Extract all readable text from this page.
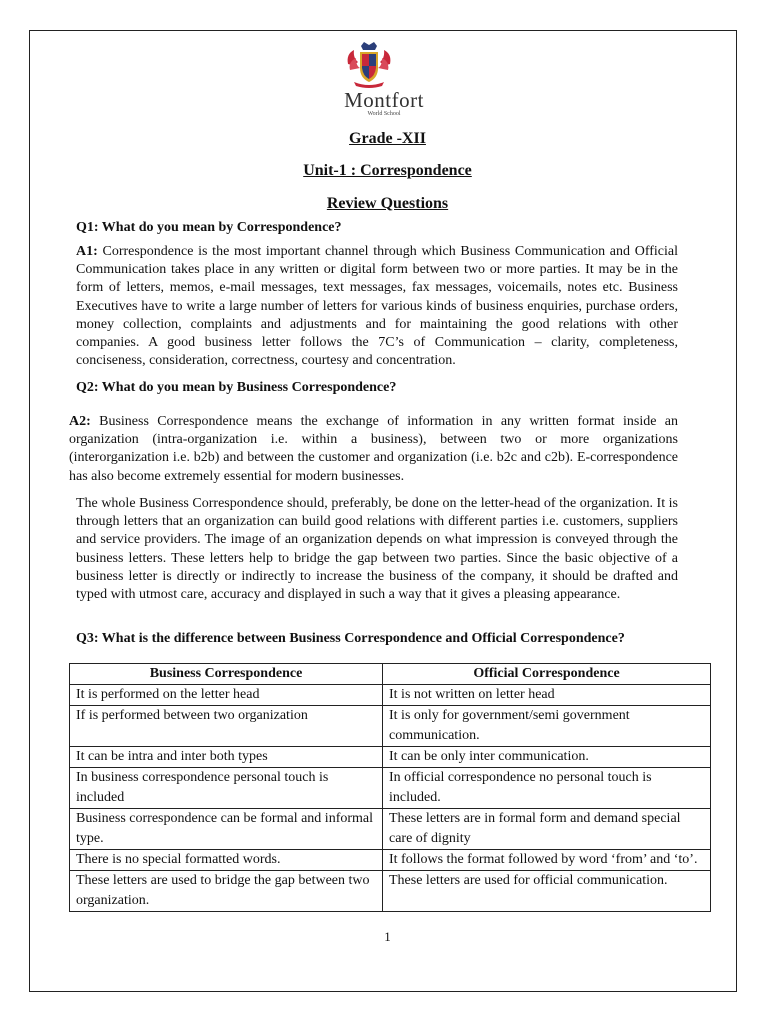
Montfort
World School
Grade -XII
Unit-1 : Correspondence
Review Questions
Q1: What do you mean by Correspondence?
A1: Correspondence is the most important channel through which Business Communication and Official Communication takes place in any written or digital form between two or more parties. It may be in the form of letters, memos, e-mail messages, text messages, fax messages, voicemails, notes etc. Business Executives have to write a large number of letters for various kinds of business enquiries, purchase orders, money collection, complaints and adjustments and for maintaining the good relations with other companies. A good business letter follows the 7C’s of Communication – clarity, completeness, conciseness, consideration, correctness, courtesy and concentration.
Q2: What do you mean by Business Correspondence?
A2: Business Correspondence means the exchange of information in any written format inside an organization (intra-organization i.e. within a business), between two or more organizations (interorganization i.e. b2b) and between the customer and organization (i.e. b2c and c2b). E-correspondence has also become extremely essential for modern businesses.
The whole Business Correspondence should, preferably, be done on the letter-head of the organization. It is through letters that an organization can build good relations with different parties i.e. customers, suppliers and service providers. The image of an organization depends on what impression is conveyed through the business letters. These letters help to bridge the gap between two parties. Since the basic objective of a business letter is directly or indirectly to increase the business of the company, it should be drafted and typed with utmost care, accuracy and displayed in such a way that it gives a pleasing appearance.
Q3: What is the difference between Business Correspondence and Official Correspondence?
Business Correspondence	Official Correspondence
It is performed on the letter head	It is not written on letter head
If is performed between two organization	It is only for government/semi government communication.
It can be intra and inter both types	It can be only inter communication.
In business correspondence personal touch is included	In official correspondence no personal touch is included.
Business correspondence can be formal and informal type.	These letters are in formal form and demand special care of dignity
There is no special formatted words.	It follows the format followed by word ‘from’ and ‘to’.
These letters are used to bridge the gap between two organization.	These letters are used for official communication.
1
